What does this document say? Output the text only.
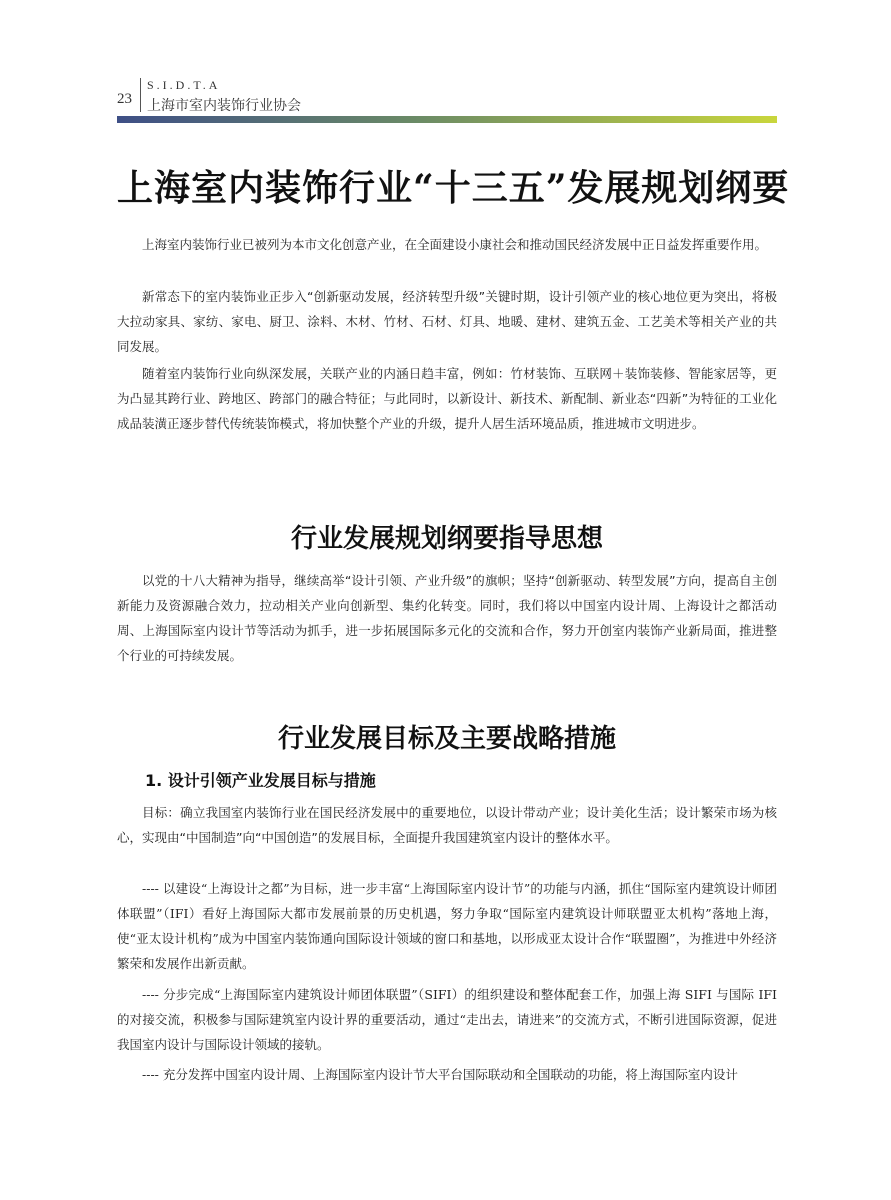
23
S.I.D.T.A
上海市室内装饰行业协会
上海室内装饰行业“十三五”发展规划纲要

上海室内装饰行业已被列为本市文化创意产业，在全面建设小康社会和推动国民经济发展中正日益发挥重要作用。

新常态下的室内装饰业正步入“创新驱动发展，经济转型升级”关键时期，设计引领产业的核心地位更为突出，将极大拉动家具、家纺、家电、厨卫、涂料、木材、竹材、石材、灯具、地暖、建材、建筑五金、工艺美术等相关产业的共同发展。

随着室内装饰行业向纵深发展，关联产业的内涵日趋丰富，例如：竹材装饰、互联网＋装饰装修、智能家居等，更为凸显其跨行业、跨地区、跨部门的融合特征；与此同时，以新设计、新技术、新配制、新业态“四新”为特征的工业化成品装潢正逐步替代传统装饰模式，将加快整个产业的升级，提升人居生活环境品质，推进城市文明进步。

行业发展规划纲要指导思想

以党的十八大精神为指导，继续高举“设计引领、产业升级”的旗帜；坚持“创新驱动、转型发展”方向，提高自主创新能力及资源融合效力，拉动相关产业向创新型、集约化转变。同时，我们将以中国室内设计周、上海设计之都活动周、上海国际室内设计节等活动为抓手，进一步拓展国际多元化的交流和合作，努力开创室内装饰产业新局面，推进整个行业的可持续发展。

行业发展目标及主要战略措施
1. 设计引领产业发展目标与措施

目标：确立我国室内装饰行业在国民经济发展中的重要地位，以设计带动产业；设计美化生活；设计繁荣市场为核心，实现由“中国制造”向“中国创造”的发展目标，全面提升我国建筑室内设计的整体水平。

---- 以建设“上海设计之都”为目标，进一步丰富“上海国际室内设计节”的功能与内涵，抓住“国际室内建筑设计师团体联盟”（IFI）看好上海国际大都市发展前景的历史机遇，努力争取“国际室内建筑设计师联盟亚太机构”落地上海，使“亚太设计机构”成为中国室内装饰通向国际设计领域的窗口和基地，以形成亚太设计合作“联盟圈”，为推进中外经济繁荣和发展作出新贡献。

---- 分步完成“上海国际室内建筑设计师团体联盟”（SIFI）的组织建设和整体配套工作，加强上海 SIFI 与国际 IFI 的对接交流，积极参与国际建筑室内设计界的重要活动，通过“走出去，请进来”的交流方式，不断引进国际资源，促进我国室内设计与国际设计领域的接轨。

---- 充分发挥中国室内设计周、上海国际室内设计节大平台国际联动和全国联动的功能，将上海国际室内设计
